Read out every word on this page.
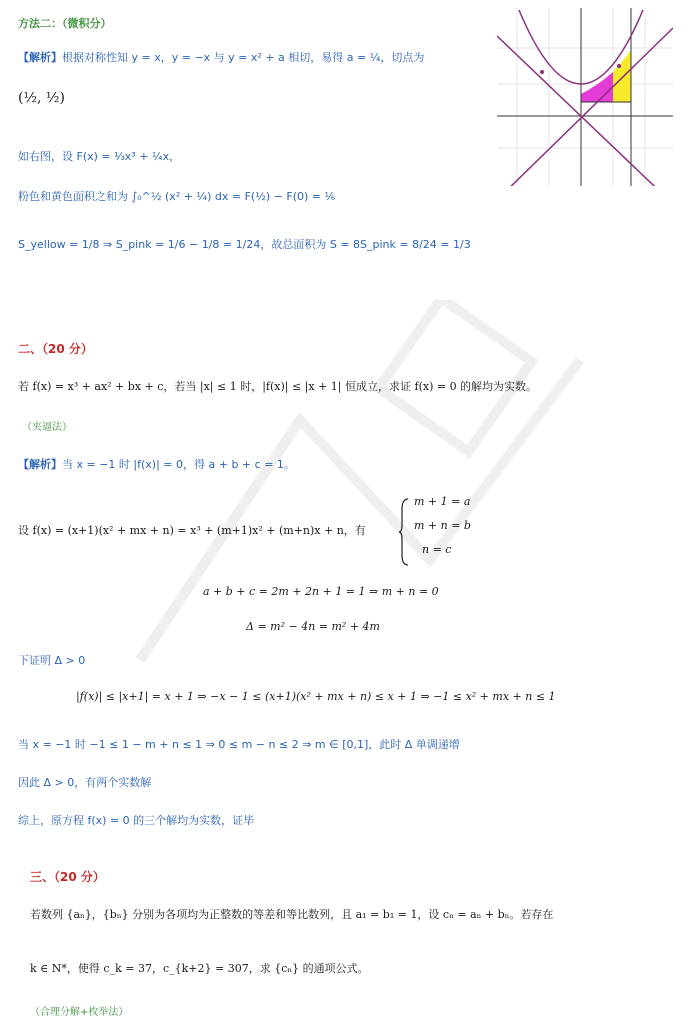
方法二：（微积分）
【解析】根据对称性知 y = x，y = −x 与 y = x² + a 相切，易得 a = ¼，切点为
(½, ½)
如右图，设 F(x) = ⅓x³ + ¼x，
粉色和黄色面积之和为 ∫₀^½ (x² + ¼) dx = F(½) − F(0) = ⅙
S_yellow = 1/8 ⇒ S_pink = 1/6 − 1/8 = 1/24，故总面积为 S = 8S_pink = 8/24 = 1/3
二、（20 分）
若 f(x) = x³ + ax² + bx + c，若当 |x| ≤ 1 时，|f(x)| ≤ |x + 1| 恒成立，求证 f(x) = 0 的解均为实数。
（夹逼法）
【解析】当 x = −1 时 |f(x)| = 0，得 a + b + c = 1。
设 f(x) = (x+1)(x² + mx + n) = x³ + (m+1)x² + (m+n)x + n，有
m + 1 = a
m + n = b
n = c
a + b + c = 2m + 2n + 1 = 1 ⇒ m + n = 0
Δ = m² − 4n = m² + 4m
下证明 Δ > 0
|f(x)| ≤ |x+1| = x + 1 ⇒ −x − 1 ≤ (x+1)(x² + mx + n) ≤ x + 1 ⇒ −1 ≤ x² + mx + n ≤ 1
当 x = −1 时 −1 ≤ 1 − m + n ≤ 1 ⇒ 0 ≤ m − n ≤ 2 ⇒ m ∈ [0,1]，此时 Δ 单调递增
因此 Δ > 0，有两个实数解
综上，原方程 f(x) = 0 的三个解均为实数，证毕
三、（20 分）
若数列 {aₙ}，{bₙ} 分别为各项均为正整数的等差和等比数列，且 a₁ = b₁ = 1，设 cₙ = aₙ + bₙ。若存在
k ∈ N*，使得 c_k = 37，c_{k+2} = 307，求 {cₙ} 的通项公式。
（合理分解+枚举法）
